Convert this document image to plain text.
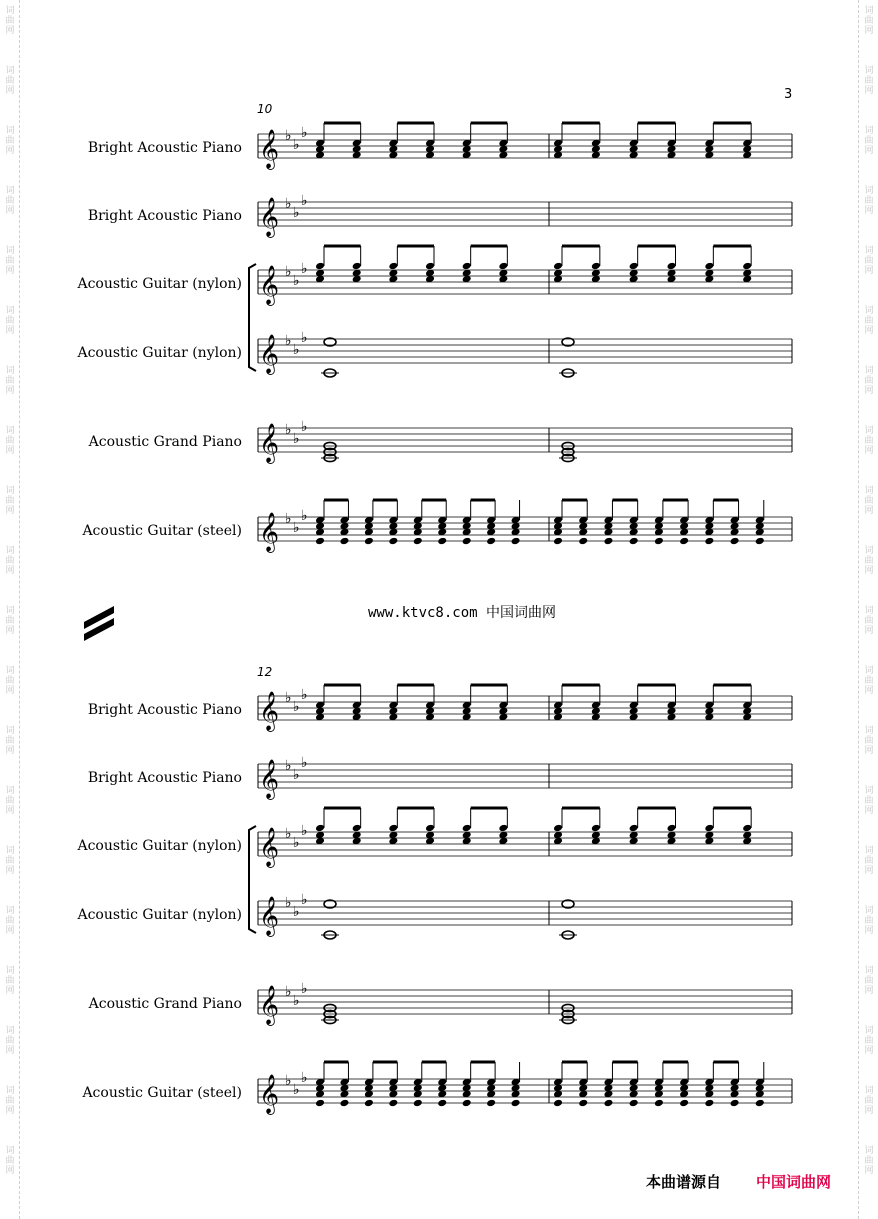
词
曲
网
词
曲
网
词
曲
网
词
曲
网
词
曲
网
词
曲
网
词
曲
网
词
曲
网
词
曲
网
词
曲
网
词
曲
网
词
曲
网
词
曲
网
词
曲
网
词
曲
网
词
曲
网
词
曲
网
词
曲
网
词
曲
网
词
曲
网
词
曲
网
词
曲
网
词
曲
网
词
曲
网
词
曲
网
词
曲
网
词
曲
网
词
曲
网
词
曲
网
词
曲
网
词
曲
网
词
曲
网
词
曲
网
词
曲
网
词
曲
网
词
曲
网
词
曲
网
词
曲
网
词
曲
网
词
曲
网
3
10
Bright Acoustic Piano
Bright Acoustic Piano
Acoustic Guitar (nylon)
Acoustic Guitar (nylon)
Acoustic Grand Piano
Acoustic Guitar (steel)
www.ktvc8.com 中国词曲网
12
Bright Acoustic Piano
Bright Acoustic Piano
Acoustic Guitar (nylon)
Acoustic Guitar (nylon)
Acoustic Grand Piano
Acoustic Guitar (steel)
本曲谱源自 中国词曲网
𝄞 ♭
♭
♭
𝄞 ♭
♭
♭
𝄞 ♭
♭
♭
𝄞 ♭
♭
♭
𝄞 ♭
♭
♭
𝄞 ♭
♭
♭
𝄞 ♭
♭
♭
𝄞 ♭
♭
♭
𝄞 ♭
♭
♭
𝄞 ♭
♭
♭
𝄞 ♭
♭
♭
𝄞 ♭
♭
♭
